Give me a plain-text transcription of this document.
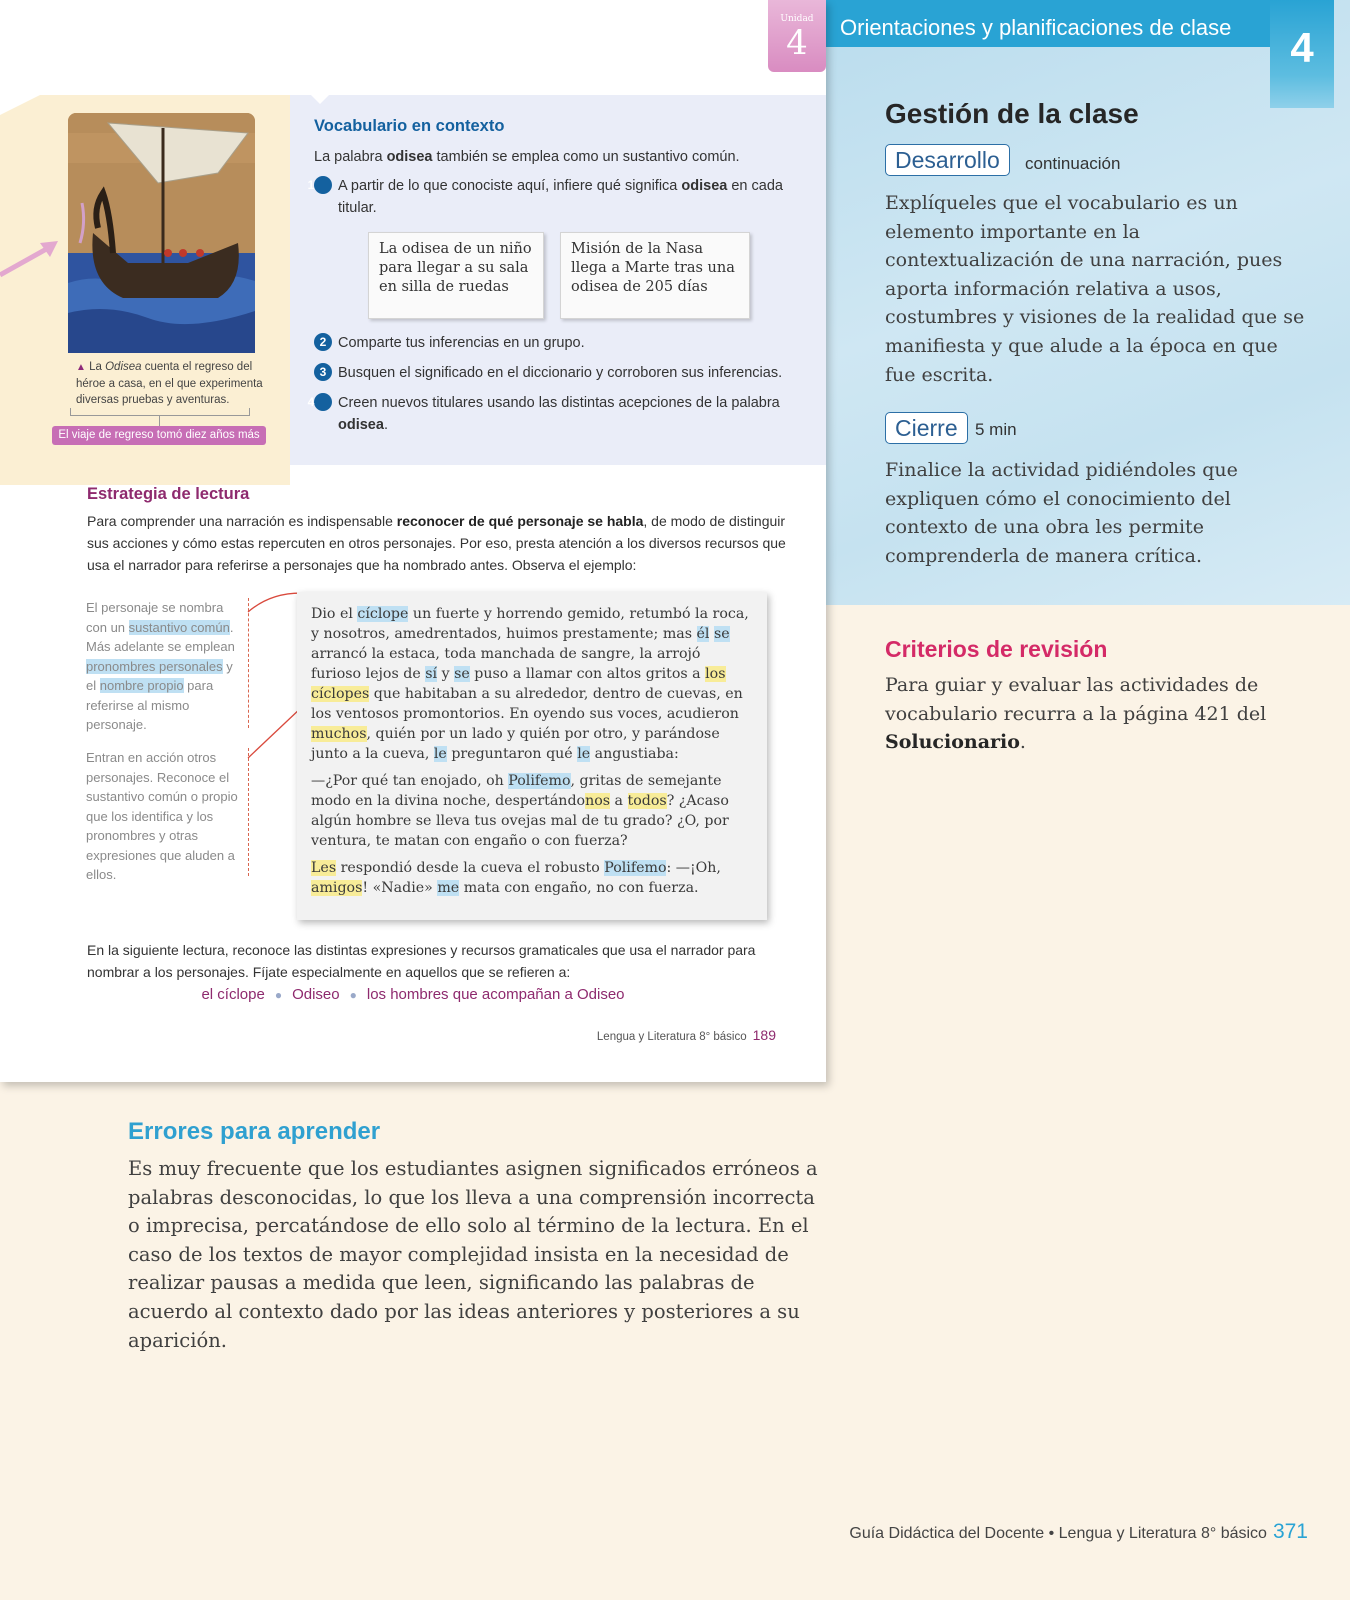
Orientaciones y planificaciones de clase	4
Unidad
4
▲ La Odisea cuenta el regreso del héroe a casa, en el que experimenta diversas pruebas y aventuras.
El viaje de regreso tomó diez años más
Vocabulario en contexto
La palabra odisea también se emplea como un sustantivo común.
1 A partir de lo que conociste aquí, infiere qué significa odisea en cada titular.
La odisea de un niño para llegar a su sala en silla de ruedas
Misión de la Nasa llega a Marte tras una odisea de 205 días
2 Comparte tus inferencias en un grupo.
3 Busquen el significado en el diccionario y corroboren sus inferencias.
4 Creen nuevos titulares usando las distintas acepciones de la palabra odisea.
Estrategia de lectura
Para comprender una narración es indispensable reconocer de qué personaje se habla, de modo de distinguir sus acciones y cómo estas repercuten en otros personajes. Por eso, presta atención a los diversos recursos que usa el narrador para referirse a personajes que ha nombrado antes. Observa el ejemplo:
El personaje se nombra con un sustantivo común. Más adelante se emplean pronombres personales y el nombre propio para referirse al mismo personaje.
Entran en acción otros personajes. Reconoce el sustantivo común o propio que los identifica y los pronombres y otras expresiones que aluden a ellos.

Dio el cíclope un fuerte y horrendo gemido, retumbó la roca, y nosotros, amedrentados, huimos prestamente; mas él se arrancó la estaca, toda manchada de sangre, la arrojó furioso lejos de sí y se puso a llamar con altos gritos a los cíclopes que habitaban a su alrededor, dentro de cuevas, en los ventosos promontorios. En oyendo sus voces, acudieron muchos, quién por un lado y quién por otro, y parándose junto a la cueva, le preguntaron qué le angustiaba:

—¿Por qué tan enojado, oh Polifemo, gritas de semejante modo en la divina noche, despertándonos a todos? ¿Acaso algún hombre se lleva tus ovejas mal de tu grado? ¿O, por ventura, te matan con engaño o con fuerza?

Les respondió desde la cueva el robusto Polifemo: —¡Oh, amigos! «Nadie» me mata con engaño, no con fuerza.

En la siguiente lectura, reconoce las distintas expresiones y recursos gramaticales que usa el narrador para nombrar a los personajes. Fíjate especialmente en aquellos que se refieren a:
el cíclope ● Odiseo ● los hombres que acompañan a Odiseo
Lengua y Literatura 8° básico 189
Gestión de la clase
Desarrollo	continuación
Explíqueles que el vocabulario es un elemento importante en la contextualización de una narración, pues aporta información relativa a usos, costumbres y visiones de la realidad que se manifiesta y que alude a la época en que fue escrita.
Cierre	5 min
Finalice la actividad pidiéndoles que expliquen cómo el conocimiento del contexto de una obra les permite comprenderla de manera crítica.
Criterios de revisión
Para guiar y evaluar las actividades de vocabulario recurra a la página 421 del Solucionario.
Errores para aprender
Es muy frecuente que los estudiantes asignen significados erróneos a palabras desconocidas, lo que los lleva a una comprensión incorrecta o imprecisa, percatándose de ello solo al término de la lectura. En el caso de los textos de mayor complejidad insista en la necesidad de realizar pausas a medida que leen, significando las palabras de acuerdo al contexto dado por las ideas anteriores y posteriores a su aparición.
Guía Didáctica del Docente • Lengua y Literatura 8° básico 371
